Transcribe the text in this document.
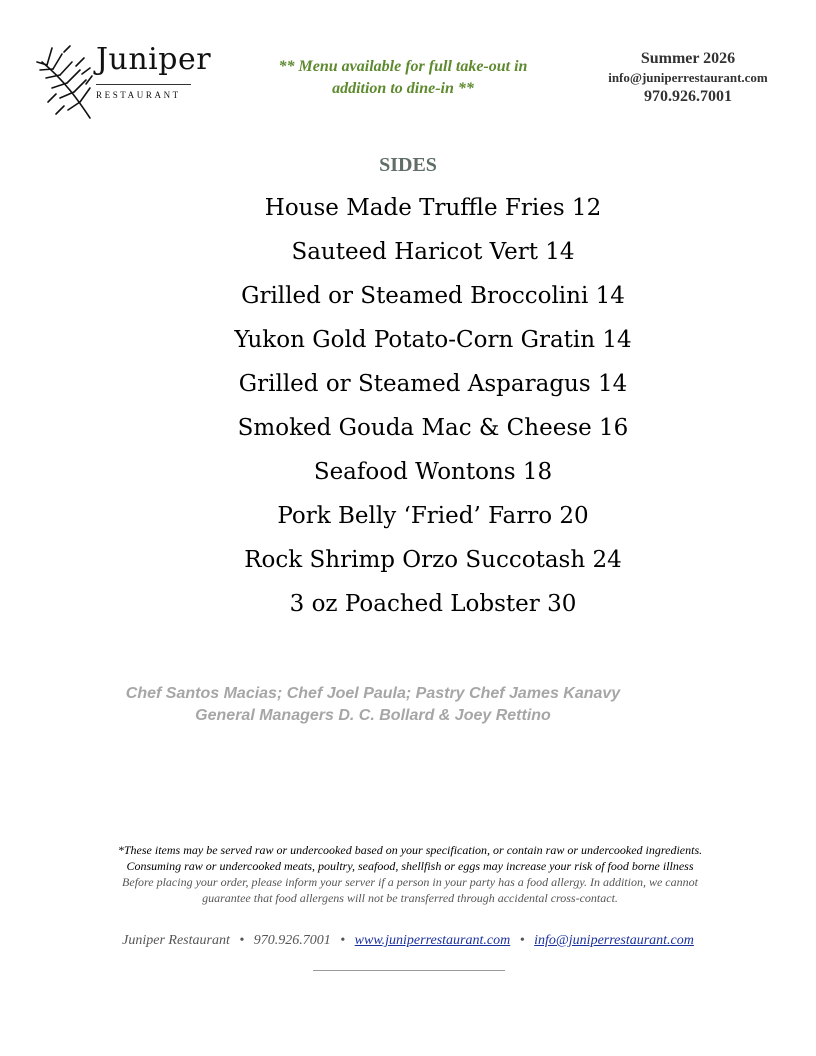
Juniper
RESTAURANT
** Menu available for full take-out in
addition to dine-in **
Summer 2026
info@juniperrestaurant.com
970.926.7001
SIDES
House Made Truffle Fries 12
Sauteed Haricot Vert 14
Grilled or Steamed Broccolini 14
Yukon Gold Potato-Corn Gratin 14
Grilled or Steamed Asparagus 14
Smoked Gouda Mac & Cheese 16
Seafood Wontons 18
Pork Belly ‘Fried’ Farro 20
Rock Shrimp Orzo Succotash 24
3 oz Poached Lobster 30
Chef Santos Macias; Chef Joel Paula; Pastry Chef James Kanavy
General Managers D. C. Bollard & Joey Rettino
*These items may be served raw or undercooked based on your specification, or contain raw or undercooked ingredients.
Consuming raw or undercooked meats, poultry, seafood, shellfish or eggs may increase your risk of food borne illness
Before placing your order, please inform your server if a person in your party has a food allergy. In addition, we cannot
guarantee that food allergens will not be transferred through accidental cross-contact.
Juniper Restaurant • 970.926.7001 • www.juniperrestaurant.com • info@juniperrestaurant.com
